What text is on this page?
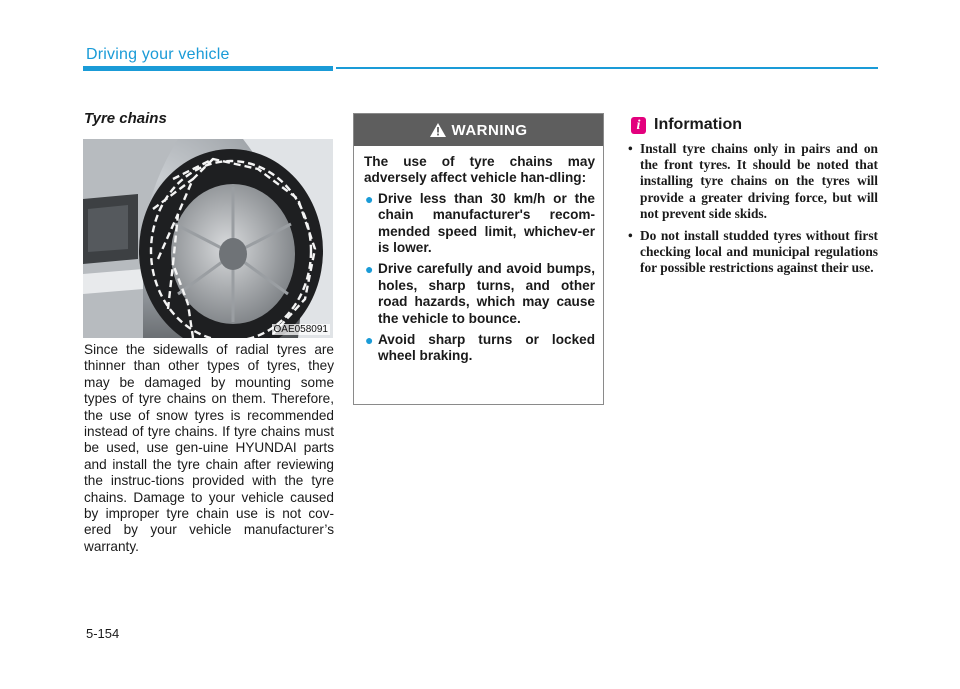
Driving your vehicle
Tyre chains
OAE058091
Since the sidewalls of radial tyres are thinner than other types of tyres, they may be damaged by mounting some types of tyre chains on them. Therefore, the use of snow tyres is recommended instead of tyre chains. If tyre chains must be used, use gen-uine HYUNDAI parts and install the tyre chain after reviewing the instruc-tions provided with the tyre chains. Damage to your vehicle caused by improper tyre chain use is not cov-ered by your vehicle manufacturer’s warranty.
WARNING

The use of tyre chains may adversely affect vehicle han-dling:

● Drive less than 30 km/h or the chain manufacturer's recom-mended speed limit, whichev-er is lower.
● Drive carefully and avoid bumps, holes, sharp turns, and other road hazards, which may cause the vehicle to bounce.
● Avoid sharp turns or locked wheel braking.
i Information
• Install tyre chains only in pairs and on the front tyres. It should be noted that installing tyre chains on the tyres will provide a greater driving force, but will not prevent side skids.
• Do not install studded tyres without first checking local and municipal regulations for possible restrictions against their use.
5-154
